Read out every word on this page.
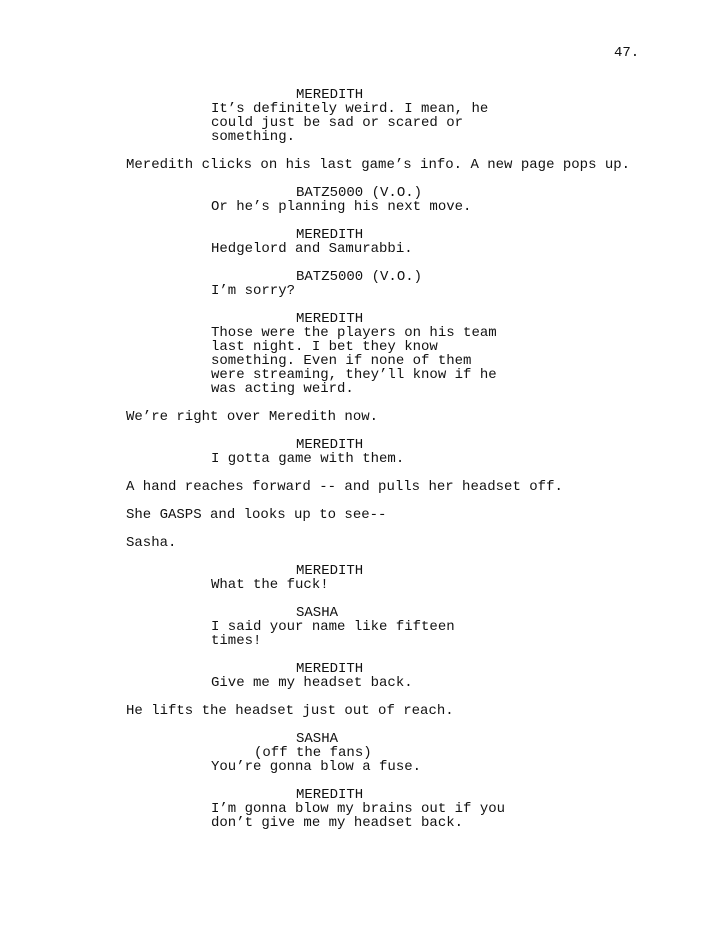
47.
MEREDITH
It’s definitely weird. I mean, he
could just be sad or scared or
something.
Meredith clicks on his last game’s info. A new page pops up.
BATZ5000 (V.O.)
Or he’s planning his next move.
MEREDITH
Hedgelord and Samurabbi.
BATZ5000 (V.O.)
I’m sorry?
MEREDITH
Those were the players on his team
last night. I bet they know
something. Even if none of them
were streaming, they’ll know if he
was acting weird.
We’re right over Meredith now.
MEREDITH
I gotta game with them.
A hand reaches forward -- and pulls her headset off.
She GASPS and looks up to see--
Sasha.
MEREDITH
What the fuck!
SASHA
I said your name like fifteen
times!
MEREDITH
Give me my headset back.
He lifts the headset just out of reach.
SASHA
(off the fans)
You’re gonna blow a fuse.
MEREDITH
I’m gonna blow my brains out if you
don’t give me my headset back.
